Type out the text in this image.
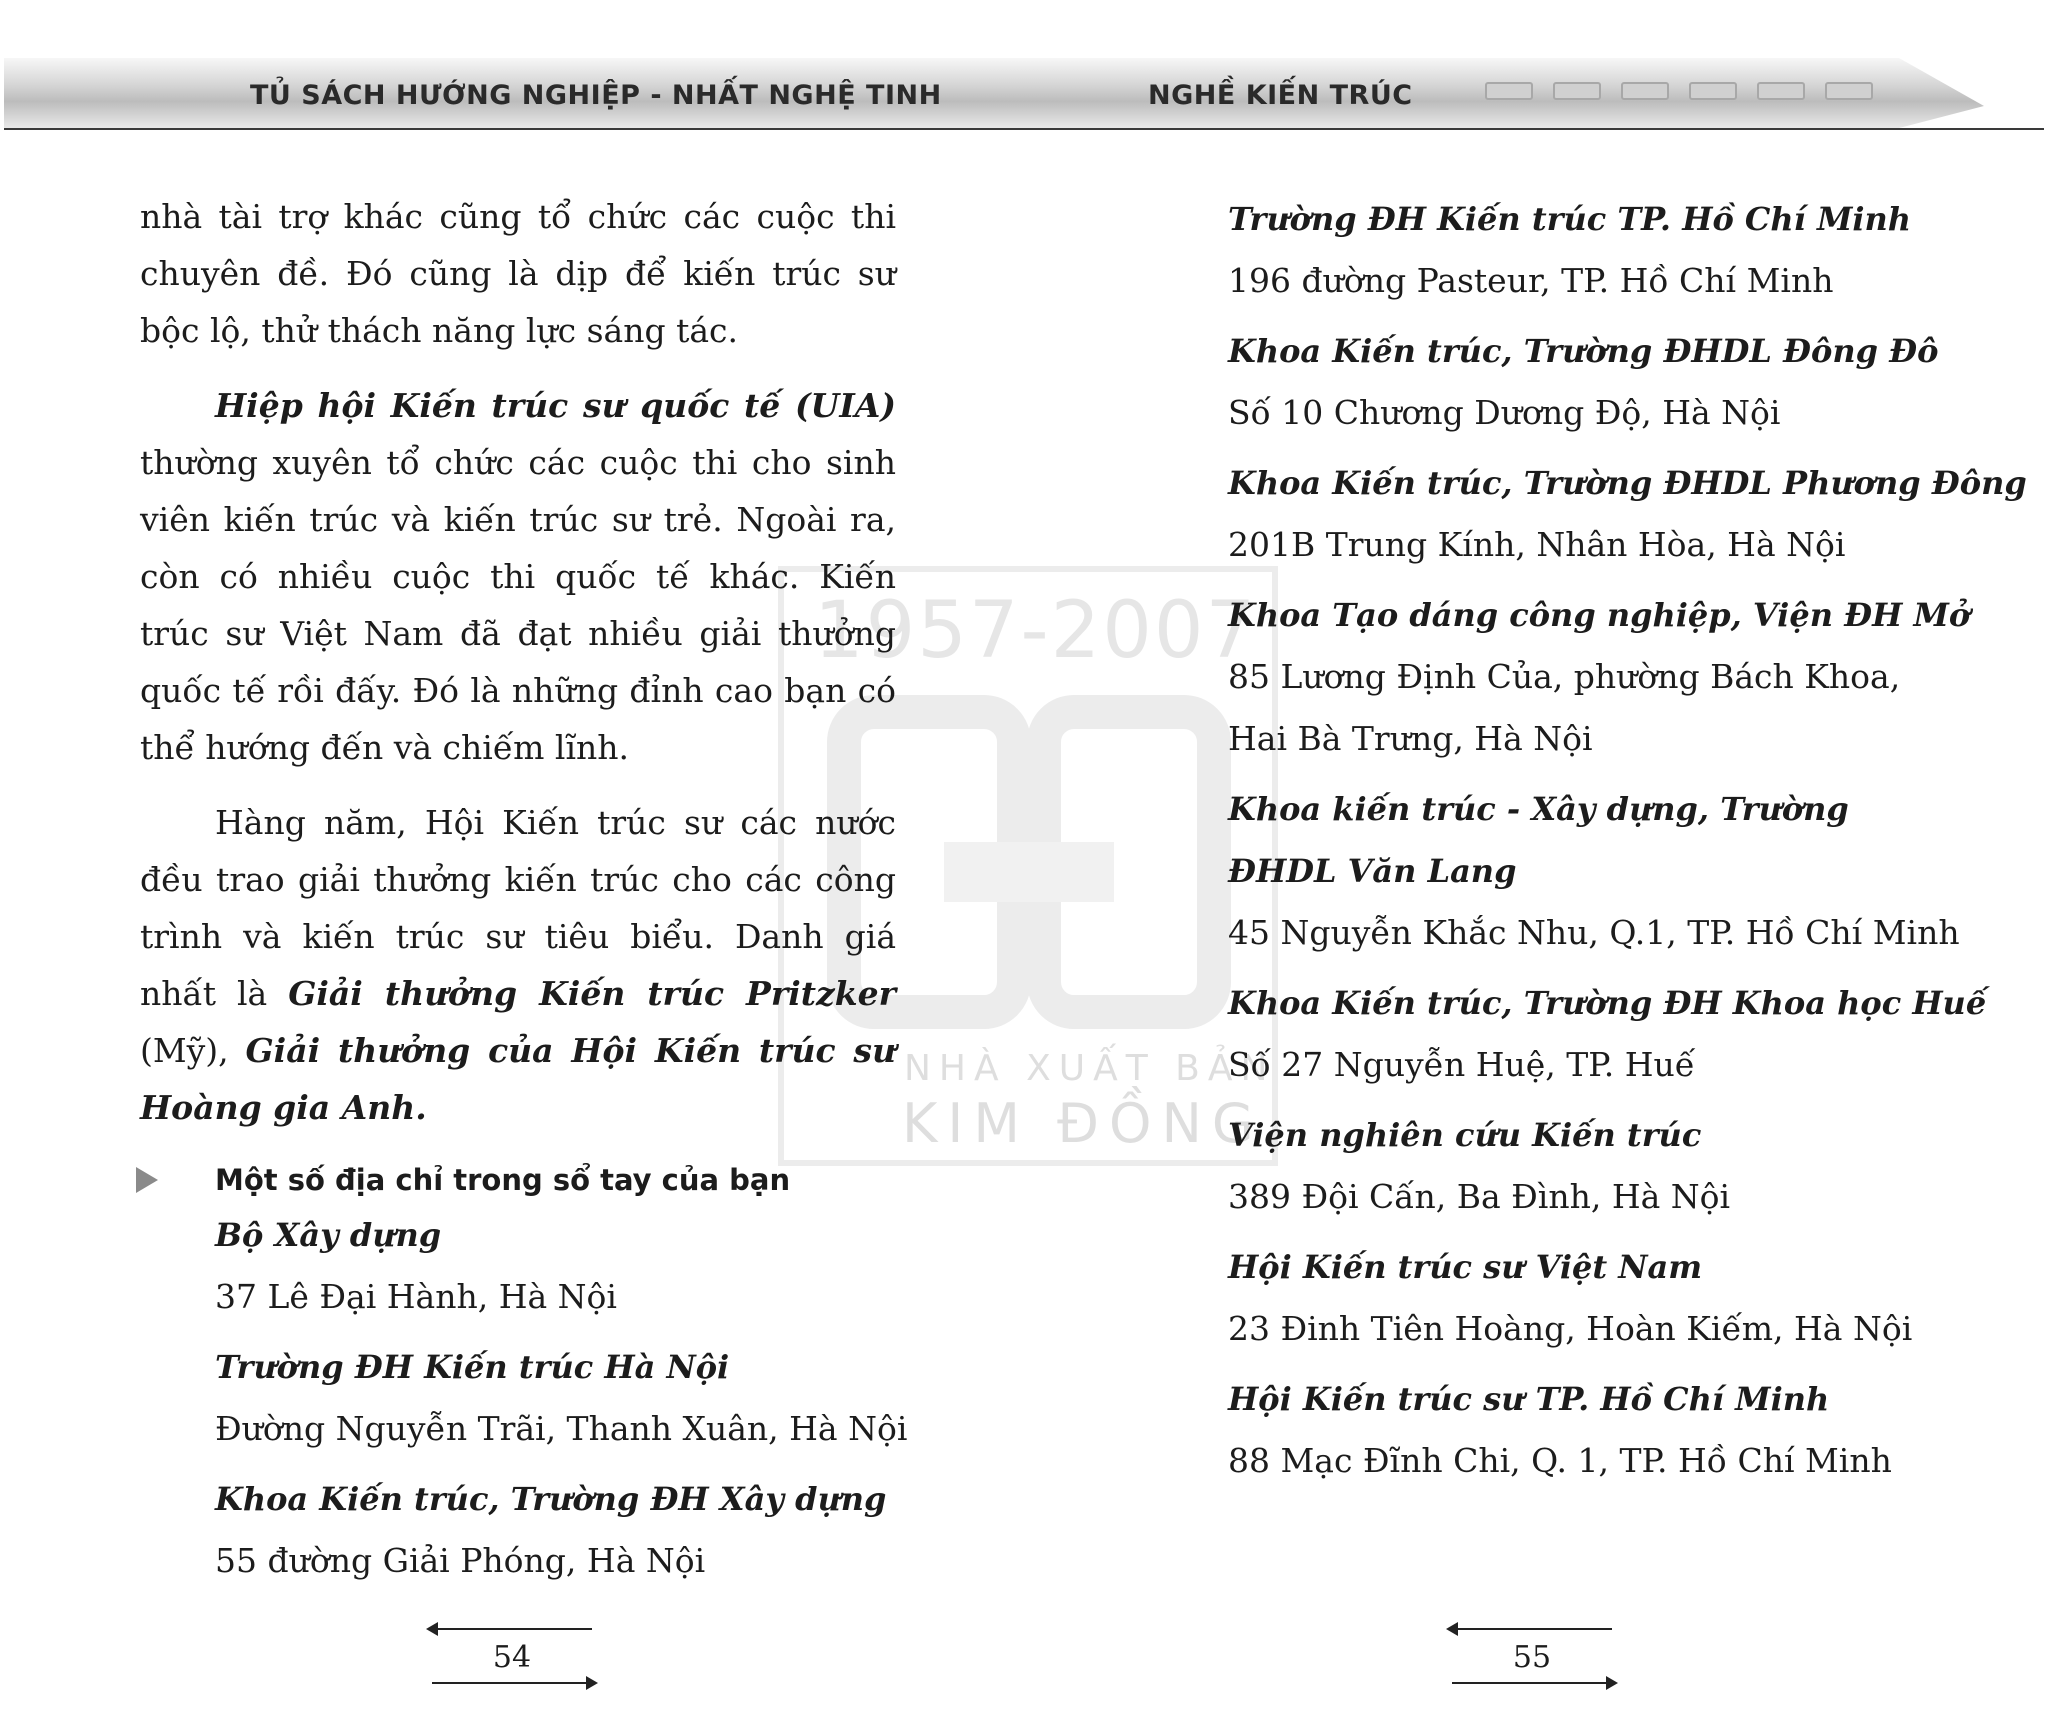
TỦ SÁCH HƯỚNG NGHIỆP - NHẤT NGHỆ TINH	NGHỀ KIẾN TRÚC
1957-2007
NHÀ XUẤT BẢN
KIM ĐỒNG

nhà tài trợ khác cũng tổ chức các cuộc thi chuyên đề. Đó cũng là dịp để kiến trúc sư bộc lộ, thử thách năng lực sáng tác.

Hiệp hội Kiến trúc sư quốc tế (UIA) thường xuyên tổ chức các cuộc thi cho sinh viên kiến trúc và kiến trúc sư trẻ. Ngoài ra, còn có nhiều cuộc thi quốc tế khác. Kiến trúc sư Việt Nam đã đạt nhiều giải thưởng quốc tế rồi đấy. Đó là những đỉnh cao bạn có thể hướng đến và chiếm lĩnh.

Hàng năm, Hội Kiến trúc sư các nước đều trao giải thưởng kiến trúc cho các công trình và kiến trúc sư tiêu biểu. Danh giá nhất là Giải thưởng Kiến trúc Pritzker (Mỹ), Giải thưởng của Hội Kiến trúc sư Hoàng gia Anh.

Một số địa chỉ trong sổ tay của bạn
Bộ Xây dựng
37 Lê Đại Hành, Hà Nội
Trường ĐH Kiến trúc Hà Nội
Đường Nguyễn Trãi, Thanh Xuân, Hà Nội
Khoa Kiến trúc, Trường ĐH Xây dựng
55 đường Giải Phóng, Hà Nội
Trường ĐH Kiến trúc TP. Hồ Chí Minh
196 đường Pasteur, TP. Hồ Chí Minh
Khoa Kiến trúc, Trường ĐHDL Đông Đô
Số 10 Chương Dương Độ, Hà Nội
Khoa Kiến trúc, Trường ĐHDL Phương Đông
201B Trung Kính, Nhân Hòa, Hà Nội
Khoa Tạo dáng công nghiệp, Viện ĐH Mở
85 Lương Định Của, phường Bách Khoa, Hai Bà Trưng, Hà Nội
Khoa kiến trúc - Xây dựng, Trường ĐHDL Văn Lang
45 Nguyễn Khắc Nhu, Q.1, TP. Hồ Chí Minh
Khoa Kiến trúc, Trường ĐH Khoa học Huế
Số 27 Nguyễn Huệ, TP. Huế
Viện nghiên cứu Kiến trúc
389 Đội Cấn, Ba Đình, Hà Nội
Hội Kiến trúc sư Việt Nam
23 Đinh Tiên Hoàng, Hoàn Kiếm, Hà Nội
Hội Kiến trúc sư TP. Hồ Chí Minh
88 Mạc Đĩnh Chi, Q. 1, TP. Hồ Chí Minh
54	55
